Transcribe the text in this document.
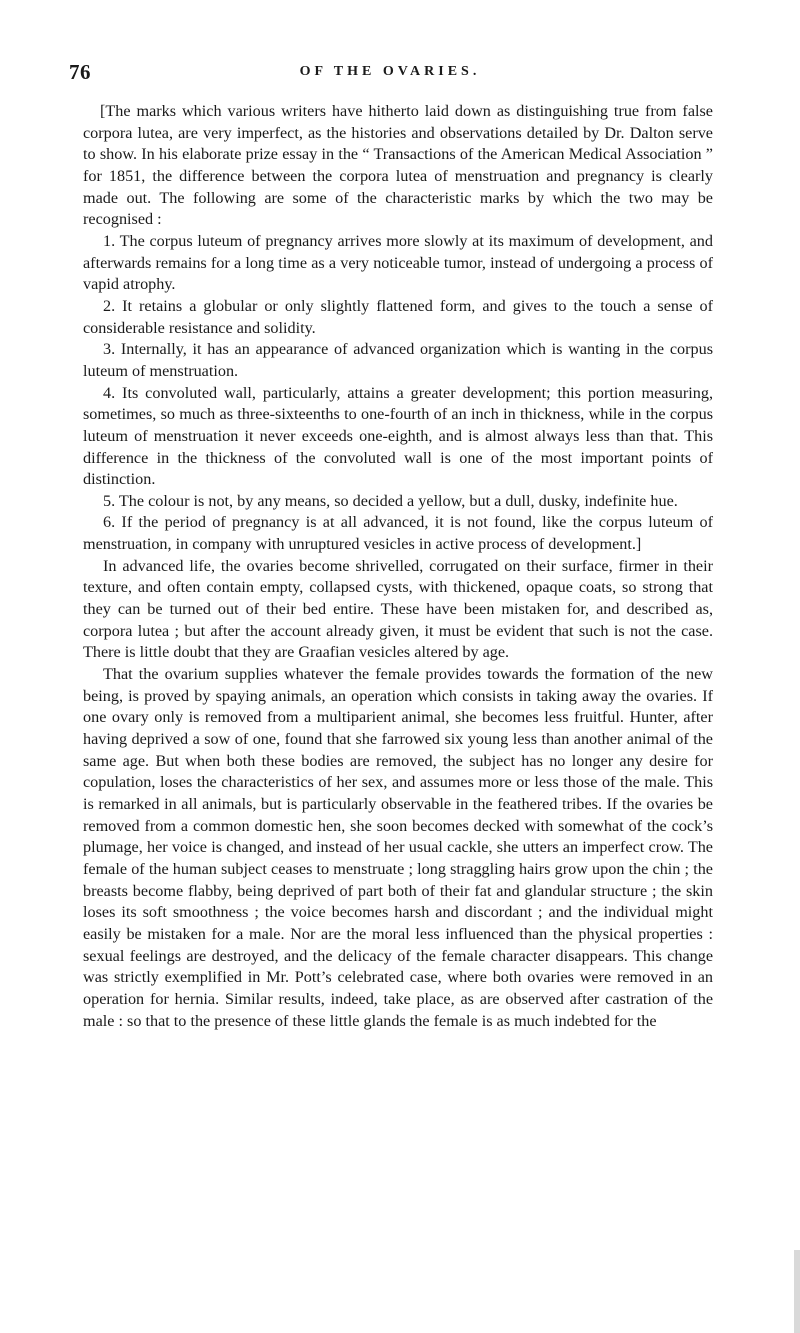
76	OF THE OVARIES.

[The marks which various writers have hitherto laid down as distinguishing true from false corpora lutea, are very imperfect, as the histories and observations detailed by Dr. Dalton serve to show. In his elaborate prize essay in the “ Transactions of the American Medical Association ” for 1851, the difference between the corpora lutea of menstruation and pregnancy is clearly made out. The following are some of the characteristic marks by which the two may be recognised :

1. The corpus luteum of pregnancy arrives more slowly at its maximum of development, and afterwards remains for a long time as a very noticeable tumor, instead of undergoing a process of vapid atrophy.

2. It retains a globular or only slightly flattened form, and gives to the touch a sense of considerable resistance and solidity.

3. Internally, it has an appearance of advanced organization which is wanting in the corpus luteum of menstruation.

4. Its convoluted wall, particularly, attains a greater development; this portion measuring, sometimes, so much as three-sixteenths to one-fourth of an inch in thickness, while in the corpus luteum of menstruation it never exceeds one-eighth, and is almost always less than that. This difference in the thickness of the convoluted wall is one of the most important points of distinction.

5. The colour is not, by any means, so decided a yellow, but a dull, dusky, indefinite hue.

6. If the period of pregnancy is at all advanced, it is not found, like the corpus luteum of menstruation, in company with unruptured vesicles in active process of development.]

In advanced life, the ovaries become shrivelled, corrugated on their surface, firmer in their texture, and often contain empty, collapsed cysts, with thickened, opaque coats, so strong that they can be turned out of their bed entire. These have been mistaken for, and described as, corpora lutea ; but after the account already given, it must be evident that such is not the case. There is little doubt that they are Graafian vesicles altered by age.

That the ovarium supplies whatever the female provides towards the formation of the new being, is proved by spaying animals, an operation which consists in taking away the ovaries. If one ovary only is removed from a multiparient animal, she becomes less fruitful. Hunter, after having deprived a sow of one, found that she farrowed six young less than another animal of the same age. But when both these bodies are removed, the subject has no longer any desire for copulation, loses the characteristics of her sex, and assumes more or less those of the male. This is remarked in all animals, but is particularly observable in the feathered tribes. If the ovaries be removed from a common domestic hen, she soon becomes decked with somewhat of the cock’s plumage, her voice is changed, and instead of her usual cackle, she utters an imperfect crow. The female of the human subject ceases to menstruate ; long straggling hairs grow upon the chin ; the breasts become flabby, being deprived of part both of their fat and glandular structure ; the skin loses its soft smoothness ; the voice becomes harsh and discordant ; and the individual might easily be mistaken for a male. Nor are the moral less influenced than the physical properties : sexual feelings are destroyed, and the delicacy of the female character disappears. This change was strictly exemplified in Mr. Pott’s celebrated case, where both ovaries were removed in an operation for hernia. Similar results, indeed, take place, as are observed after castration of the male : so that to the presence of these little glands the female is as much indebted for the
